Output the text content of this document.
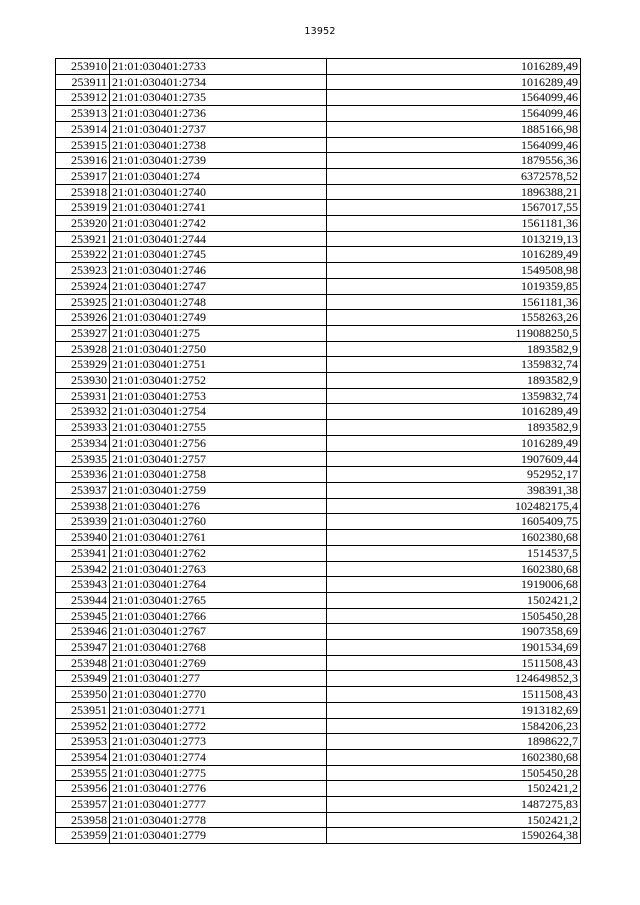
13952
253910	21:01:030401:2733	1016289,49
253911	21:01:030401:2734	1016289,49
253912	21:01:030401:2735	1564099,46
253913	21:01:030401:2736	1564099,46
253914	21:01:030401:2737	1885166,98
253915	21:01:030401:2738	1564099,46
253916	21:01:030401:2739	1879556,36
253917	21:01:030401:274	6372578,52
253918	21:01:030401:2740	1896388,21
253919	21:01:030401:2741	1567017,55
253920	21:01:030401:2742	1561181,36
253921	21:01:030401:2744	1013219,13
253922	21:01:030401:2745	1016289,49
253923	21:01:030401:2746	1549508,98
253924	21:01:030401:2747	1019359,85
253925	21:01:030401:2748	1561181,36
253926	21:01:030401:2749	1558263,26
253927	21:01:030401:275	119088250,5
253928	21:01:030401:2750	1893582,9
253929	21:01:030401:2751	1359832,74
253930	21:01:030401:2752	1893582,9
253931	21:01:030401:2753	1359832,74
253932	21:01:030401:2754	1016289,49
253933	21:01:030401:2755	1893582,9
253934	21:01:030401:2756	1016289,49
253935	21:01:030401:2757	1907609,44
253936	21:01:030401:2758	952952,17
253937	21:01:030401:2759	398391,38
253938	21:01:030401:276	102482175,4
253939	21:01:030401:2760	1605409,75
253940	21:01:030401:2761	1602380,68
253941	21:01:030401:2762	1514537,5
253942	21:01:030401:2763	1602380,68
253943	21:01:030401:2764	1919006,68
253944	21:01:030401:2765	1502421,2
253945	21:01:030401:2766	1505450,28
253946	21:01:030401:2767	1907358,69
253947	21:01:030401:2768	1901534,69
253948	21:01:030401:2769	1511508,43
253949	21:01:030401:277	124649852,3
253950	21:01:030401:2770	1511508,43
253951	21:01:030401:2771	1913182,69
253952	21:01:030401:2772	1584206,23
253953	21:01:030401:2773	1898622,7
253954	21:01:030401:2774	1602380,68
253955	21:01:030401:2775	1505450,28
253956	21:01:030401:2776	1502421,2
253957	21:01:030401:2777	1487275,83
253958	21:01:030401:2778	1502421,2
253959	21:01:030401:2779	1590264,38
